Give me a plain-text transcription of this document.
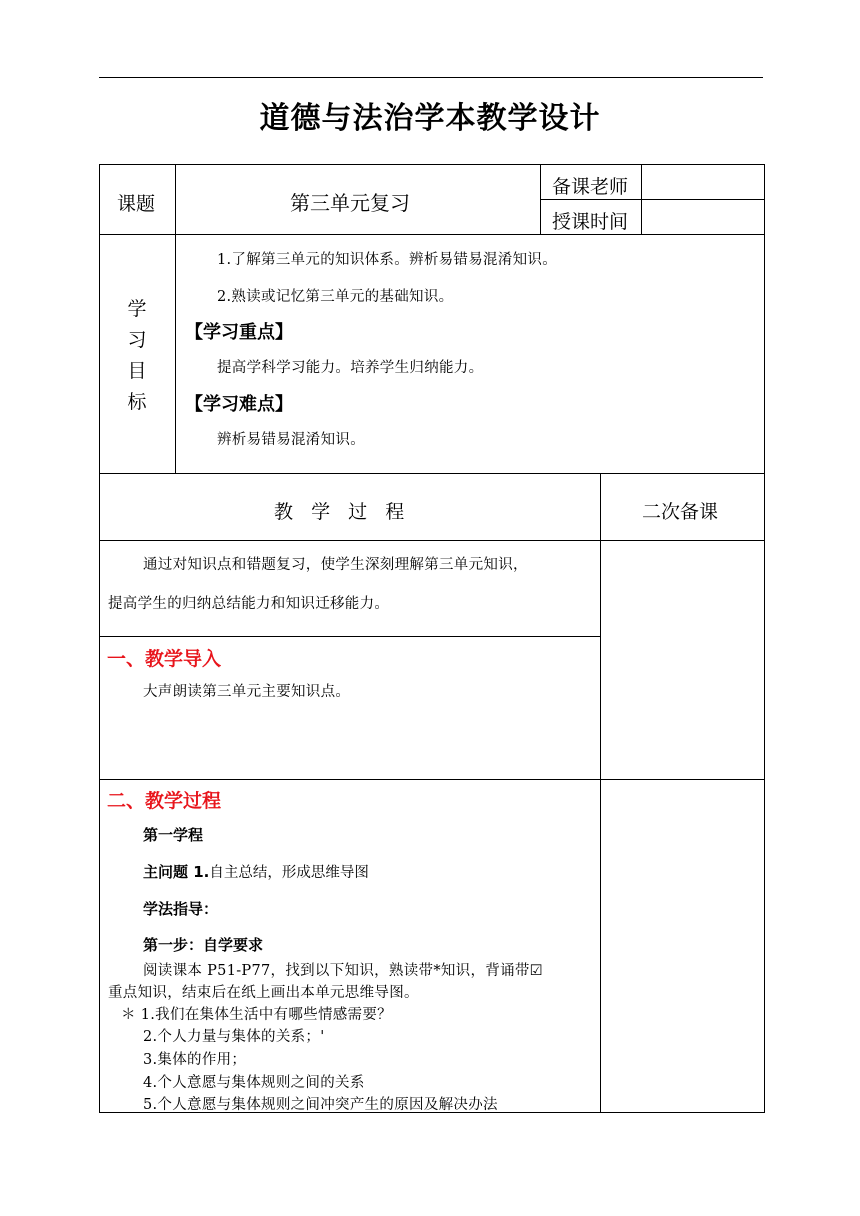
道德与法治学本教学设计
课题	第三单元复习
备课老师
授课时间
学
习
目
标
1.了解第三单元的知识体系。辨析易错易混淆知识。
2.熟读或记忆第三单元的基础知识。
【学习重点】
提高学科学习能力。培养学生归纳能力。
【学习难点】
辨析易错易混淆知识。
教  学  过  程	二次备课
通过对知识点和错题复习，使学生深刻理解第三单元知识，
提高学生的归纳总结能力和知识迁移能力。
一、教学导入
大声朗读第三单元主要知识点。
二、教学过程
第一学程
主问题 1.自主总结，形成思维导图
学法指导：
第一步：自学要求
阅读课本 P51-P77，找到以下知识，熟读带*知识，背诵带☑
重点知识，结束后在纸上画出本单元思维导图。
＊ 1.我们在集体生活中有哪些情感需要？
2.个人力量与集体的关系；'
3.集体的作用；
4.个人意愿与集体规则之间的关系
5.个人意愿与集体规则之间冲突产生的原因及解决办法
